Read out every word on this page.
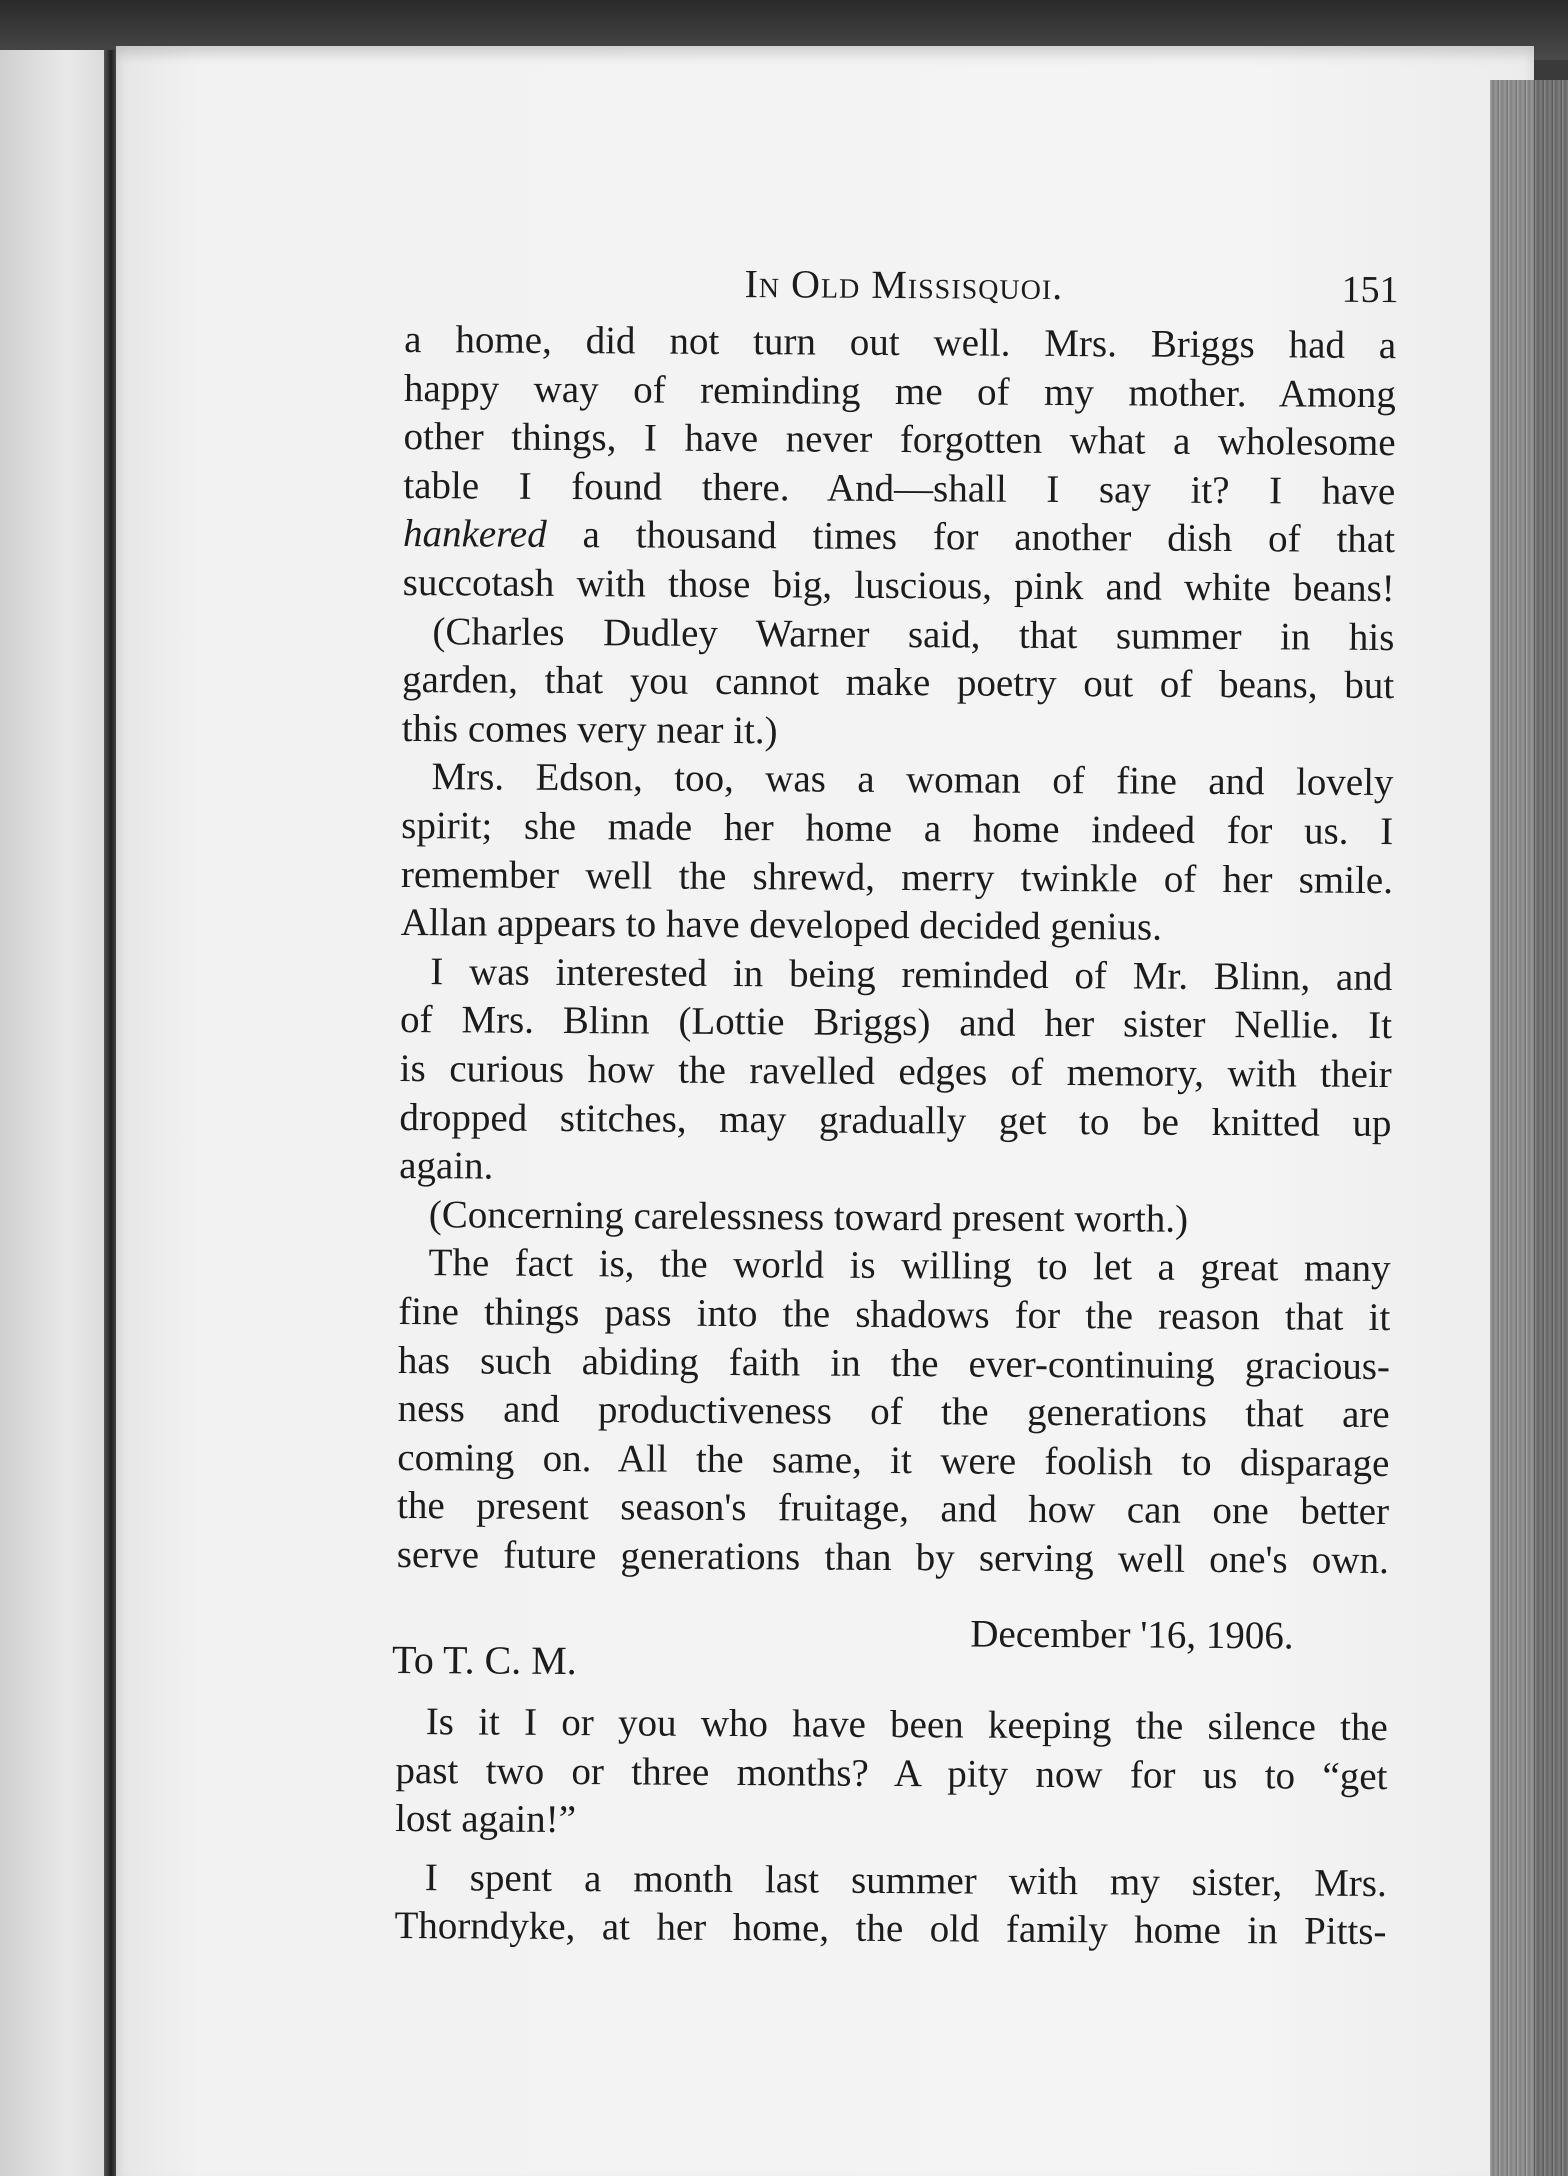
In Old Missisquoi.	151
a home, did not turn out well. Mrs. Briggs had a
happy way of reminding me of my mother. Among
other things, I have never forgotten what a wholesome
table I found there. And—shall I say it? I have
hankered a thousand times for another dish of that
succotash with those big, luscious, pink and white beans!
(Charles Dudley Warner said, that summer in his
garden, that you cannot make poetry out of beans, but
this comes very near it.)
Mrs. Edson, too, was a woman of fine and lovely
spirit; she made her home a home indeed for us. I
remember well the shrewd, merry twinkle of her smile.
Allan appears to have developed decided genius.
I was interested in being reminded of Mr. Blinn, and
of Mrs. Blinn (Lottie Briggs) and her sister Nellie. It
is curious how the ravelled edges of memory, with their
dropped stitches, may gradually get to be knitted up
again.
(Concerning carelessness toward present worth.)
The fact is, the world is willing to let a great many
fine things pass into the shadows for the reason that it
has such abiding faith in the ever-continuing gracious-
ness and productiveness of the generations that are
coming on. All the same, it were foolish to disparage
the present season's fruitage, and how can one better
serve future generations than by serving well one's own.
December '16, 1906.
To T. C. M.
Is it I or you who have been keeping the silence the
past two or three months? A pity now for us to “get
lost again!”
I spent a month last summer with my sister, Mrs.
Thorndyke, at her home, the old family home in Pitts-
